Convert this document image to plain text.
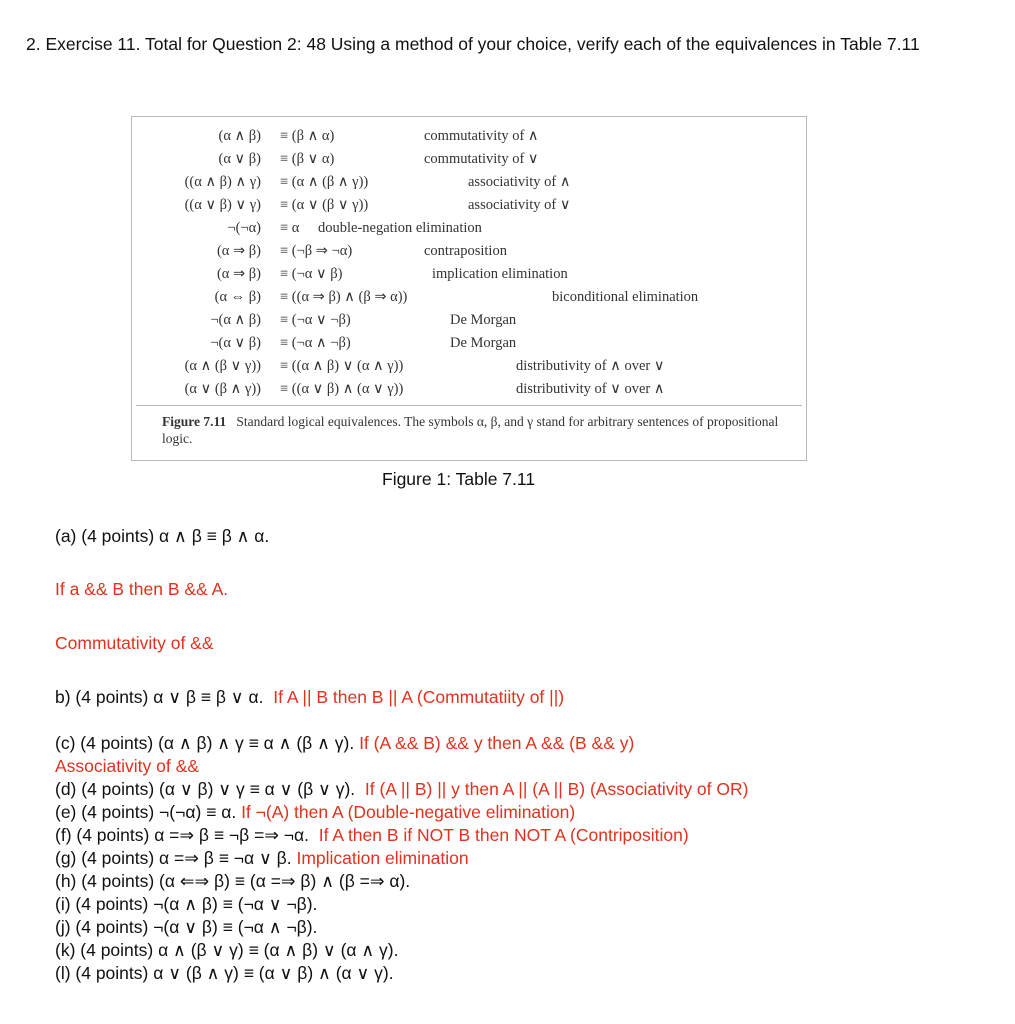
2. Exercise 11. Total for Question 2: 48 Using a method of your choice, verify each of the equivalences in Table 7.11
(α ∧ β) ≡ (β ∧ α)	commutativity of ∧
(α ∨ β) ≡ (β ∨ α)	commutativity of ∨
((α ∧ β) ∧ γ) ≡ (α ∧ (β ∧ γ))	associativity of ∧
((α ∨ β) ∨ γ) ≡ (α ∨ (β ∨ γ))	associativity of ∨
¬(¬α) ≡ α double-negation elimination
(α ⇒ β) ≡ (¬β ⇒ ¬α)	contraposition
(α ⇒ β) ≡ (¬α ∨ β)	implication elimination
(α ⇔ β) ≡ ((α ⇒ β) ∧ (β ⇒ α))	biconditional elimination
¬(α ∧ β) ≡ (¬α ∨ ¬β)	De Morgan
¬(α ∨ β) ≡ (¬α ∧ ¬β)	De Morgan
(α ∧ (β ∨ γ)) ≡ ((α ∧ β) ∨ (α ∧ γ))	distributivity of ∧ over ∨
(α ∨ (β ∧ γ)) ≡ ((α ∨ β) ∧ (α ∨ γ))	distributivity of ∨ over ∧
Figure 7.11 Standard logical equivalences. The symbols α, β, and γ stand for arbitrary sentences of propositional logic.
Figure 1: Table 7.11
(a) (4 points) α ∧ β ≡ β ∧ α.
If a && B then B && A.
Commutativity of &&
b) (4 points) α ∨ β ≡ β ∨ α. If A || B then B || A (Commutatiity of ||)
(c) (4 points) (α ∧ β) ∧ γ ≡ α ∧ (β ∧ γ). If (A && B) && y then A && (B && y)
Associativity of &&
(d) (4 points) (α ∨ β) ∨ γ ≡ α ∨ (β ∨ γ). If (A || B) || y then A || (A || B) (Associativity of OR)
(e) (4 points) ¬(¬α) ≡ α. If ¬(A) then A (Double-negative elimination)
(f) (4 points) α =⇒ β ≡ ¬β =⇒ ¬α. If A then B if NOT B then NOT A (Contriposition)
(g) (4 points) α =⇒ β ≡ ¬α ∨ β. Implication elimination
(h) (4 points) (α ⇐⇒ β) ≡ (α =⇒ β) ∧ (β =⇒ α).
(i) (4 points) ¬(α ∧ β) ≡ (¬α ∨ ¬β).
(j) (4 points) ¬(α ∨ β) ≡ (¬α ∧ ¬β).
(k) (4 points) α ∧ (β ∨ γ) ≡ (α ∧ β) ∨ (α ∧ γ).
(l) (4 points) α ∨ (β ∧ γ) ≡ (α ∨ β) ∧ (α ∨ γ).
